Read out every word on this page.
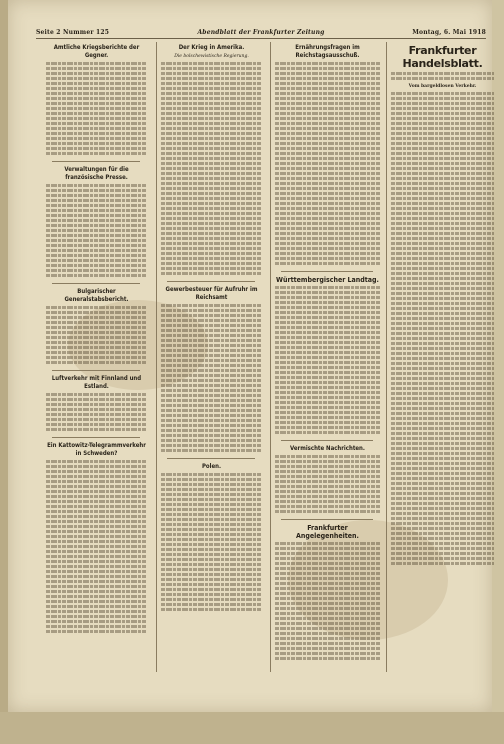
Seite 2 Nummer 125	Abendblatt der Frankfurter Zeitung	Montag, 6. Mai 1918
Amtliche Kriegsberichte der Gegner.
Verwaltungen für die französische Presse.
Bulgarischer Generalstabsbericht.
Luftverkehr mit Finnland und Estland.
Ein Kattowitz-Telegrammverkehr in Schweden?
Der Krieg in Amerika.
Die bolschewistische Regierung.
Gewerbesteuer für Aufruhr im Reichsamt
Polen.
Ernährungsfragen im Reichstagsausschuß.
Württembergischer Landtag.
Vermischte Nachrichten.
Frankfurter Angelegenheiten.
Frankfurter Handelsblatt.
Vom bargeldlosen Verkehr.
